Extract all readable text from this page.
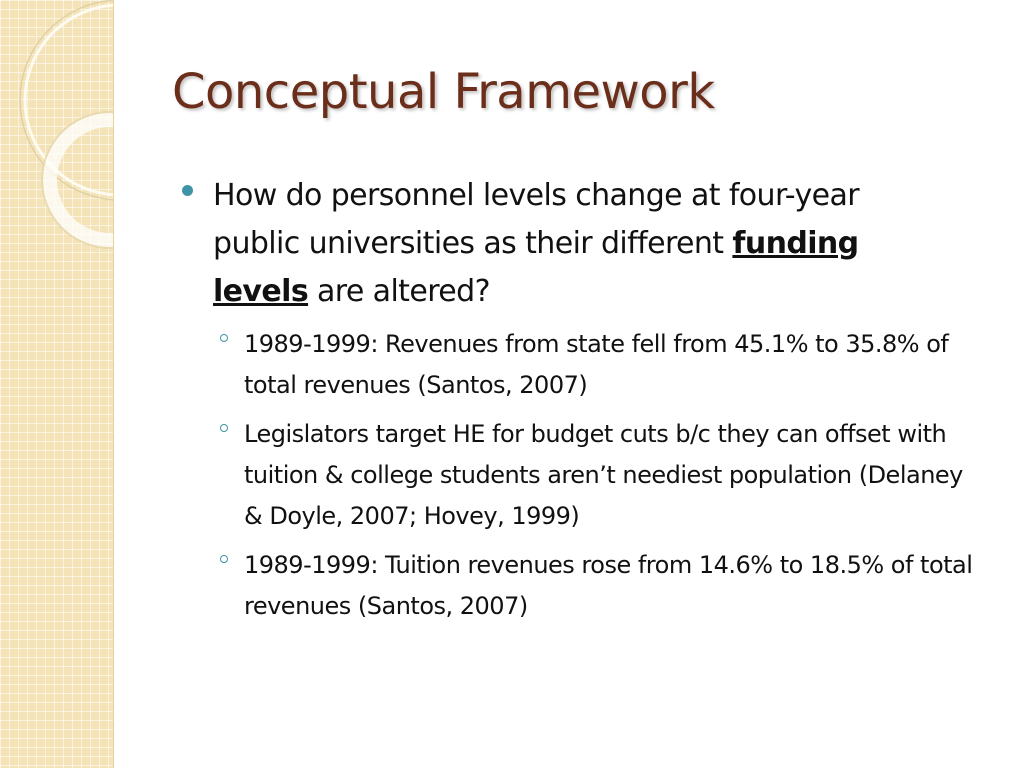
Conceptual Framework
How do personnel levels change at four-year public universities as their different funding levels are altered?
1989-1999: Revenues from state fell from 45.1% to 35.8% of total revenues (Santos, 2007)
Legislators target HE for budget cuts b/c they can offset with tuition & college students aren’t neediest population (Delaney & Doyle, 2007; Hovey, 1999)
1989-1999: Tuition revenues rose from 14.6% to 18.5% of total revenues (Santos, 2007)
